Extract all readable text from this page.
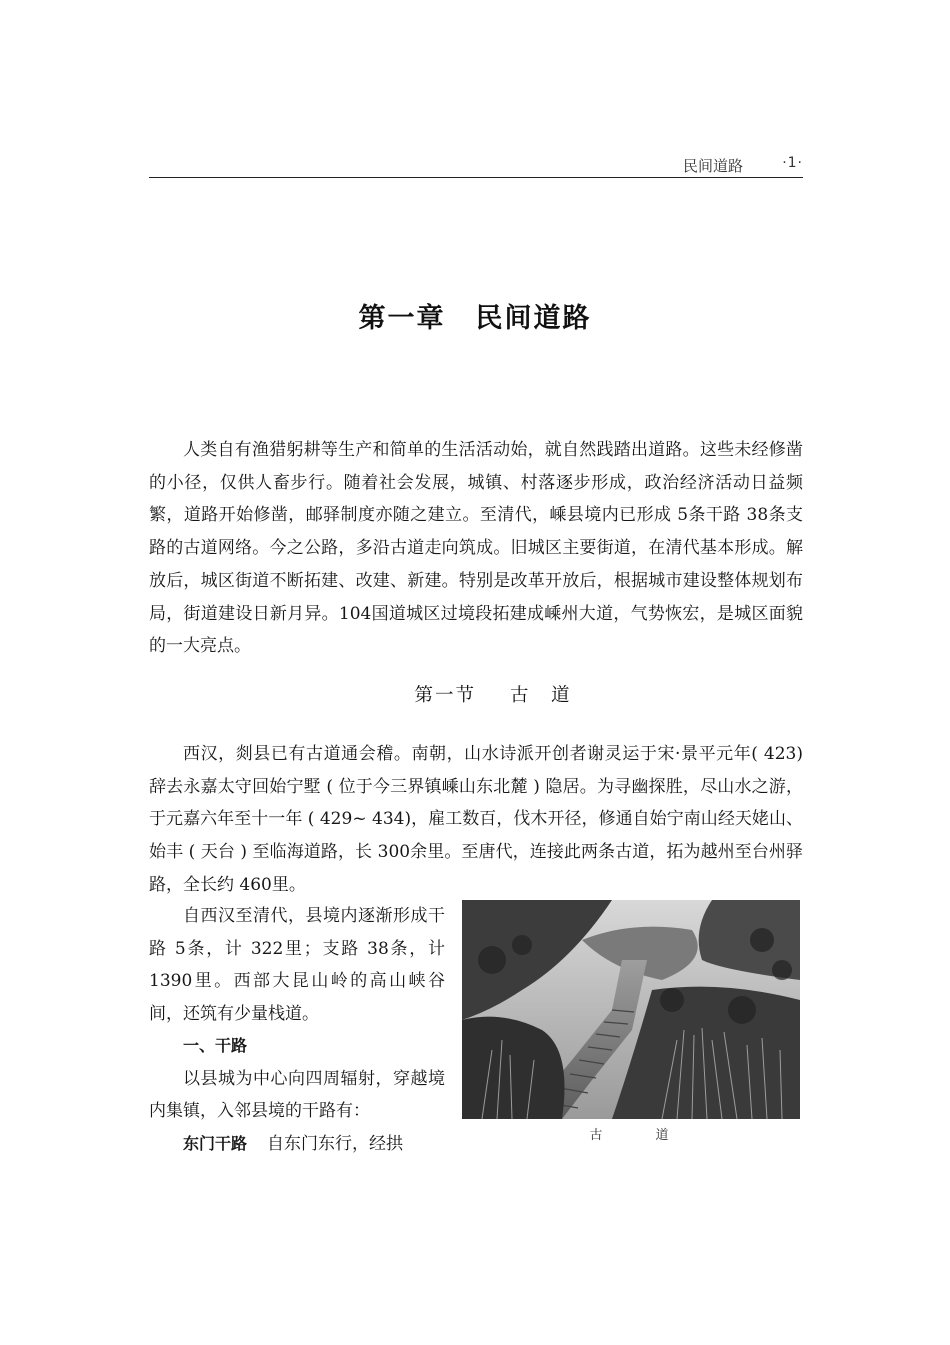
民间道路	·1·
第一章 民间道路

人类自有渔猎躬耕等生产和简单的生活活动始，就自然践踏出道路。这些未经修凿的小径，仅供人畜步行。随着社会发展，城镇、村落逐步形成，政治经济活动日益频繁，道路开始修凿，邮驿制度亦随之建立。至清代，嵊县境内已形成 5条干路 38条支路的古道网络。今之公路，多沿古道走向筑成。旧城区主要街道，在清代基本形成。解放后，城区街道不断拓建、改建、新建。特别是改革开放后，根据城市建设整体规划布局，街道建设日新月异。104国道城区过境段拓建成嵊州大道，气势恢宏，是城区面貌的一大亮点。

第一节 古　道

西汉，剡县已有古道通会稽。南朝，山水诗派开创者谢灵运于宋·景平元年( 423) 辞去永嘉太守回始宁墅 ( 位于今三界镇嵊山东北麓 ) 隐居。为寻幽探胜，尽山水之游，于元嘉六年至十一年 ( 429~ 434)，雇工数百，伐木开径，修通自始宁南山经天姥山、始丰 ( 天台 ) 至临海道路，长 300余里。至唐代，连接此两条古道，拓为越州至台州驿路，全长约 460里。

自西汉至清代，县境内逐渐形成干路 5条，计 322里；支路 38条，计 1390里。西部大昆山岭的高山峡谷间，还筑有少量栈道。

一、干路

以县城为中心向四周辐射，穿越境内集镇，入邻县境的干路有：

东门干路 自东门东行，经拱	古　道
